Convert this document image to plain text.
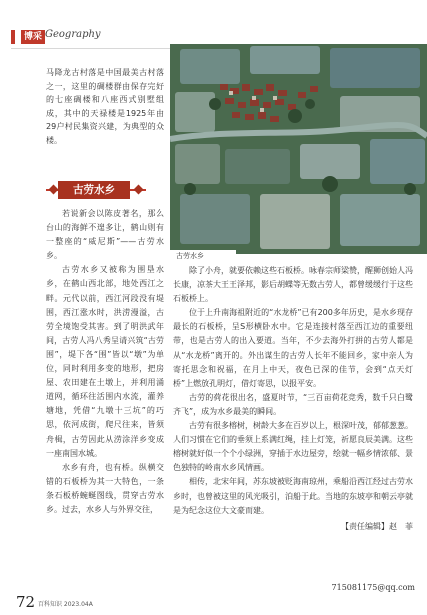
博采 Geography
古劳水乡
马降龙古村落是中国最美古村落之一，这里的碉楼群由保存完好的七座碉楼和八座西式别墅组成，其中的天禄楼是1925年由29户村民集资兴建，为典型的众楼。
古劳水乡

若说新会以陈皮著名，那么台山的海鲜不遑多让，鹤山则有一整座的“威尼斯”——古劳水乡。

古劳水乡又被称为围垦水乡，在鹤山西北部，地处西江之畔。元代以前，西江河段没有堤围，西江涨水时，洪涝漫溢，古劳全境饱受其害。到了明洪武年间，古劳人冯八秀呈请兴筑“古劳围”，堤下各“围”皆以“墩”为单位，同时利用多变的地形，把房屋、农田建在土墩上，并利用涌道网，循环往活围内水流，灌养塘地，凭借“九墩十三坑”的巧思，依河成街，爬尺往来，皆须舟楫，古劳因此从涝涂洋乡变成一座南国水城。

水乡有舟，也有桥。纵横交错的石板桥为其一大特色，一条条石板桥蜿蜒图线，贯穿古劳水乡。过去，水乡人与外界交往，

除了小舟，就要依赖这些石板桥。咏春宗师梁赞，醒狮创始人冯长康，凉茶大王王泽邦，影后胡蝶等无数古劳人，都曾缓缓行于这些石板桥上。

位于上升南海祖附近的“水龙桥”已有200多年历史，是水乡现存最长的石板桥，呈S形横卧水中。它是连接村落至西江边的重要纽带，也是古劳人的出入要道。当年，不少去海外打拼的古劳人都是从“水龙桥”离开的。外出谋生的古劳人长年不能回乡，家中亲人为寄托思念和祝福，在月上中天，夜色已深的佳节，会到“点天灯桥”上燃放孔明灯，借灯寄思，以报平安。

古劳的荷花很出名，盛夏时节，“三百亩荷花竞秀，数千只白鹭齐飞”，成为水乡最美的瞬间。

古劳有很多榕树，树龄大多在百岁以上，根深叶茂，郁郁葱葱。人们习惯在它们的垂须上系满红绳，挂上灯笼，祈愿良辰美满。这些榕树就好似一个个小绿洲，穿插于水边屋旁，绘就一幅乡情浓郁、景色独特的岭南水乡风情画。

相传，北宋年间，苏东坡被贬海南琼州，乘船沿西江经过古劳水乡时，也曾被这里的风光吸引，泊船于此。当地的东坡亭和朝云亭就是为纪念这位大文豪而建。

【责任编辑】赵　菲

715081175@qq.com
72 百科知识 2023.04A
